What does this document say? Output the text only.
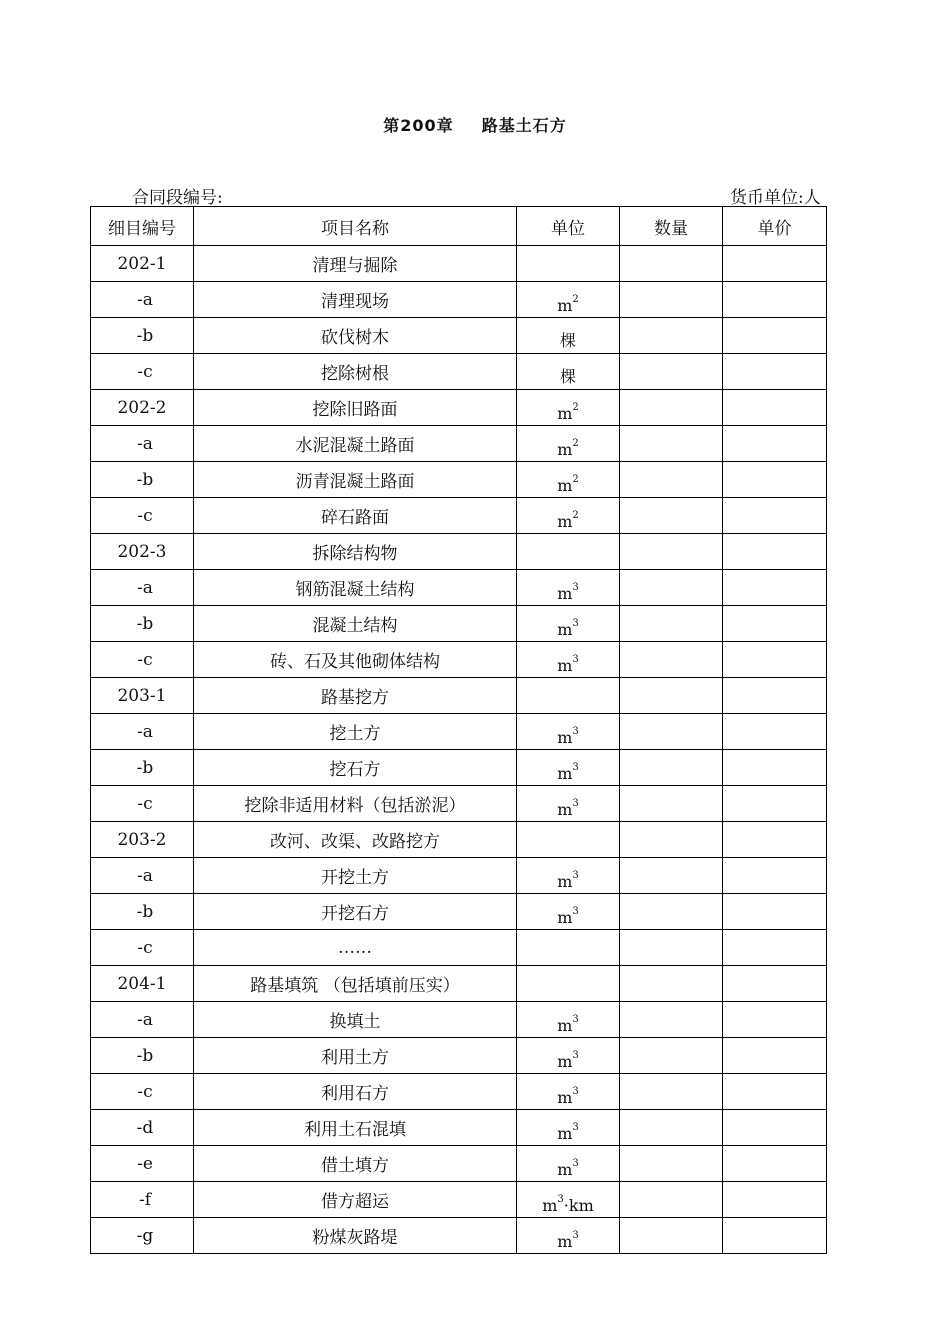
第200章 路基土石方
合同段编号:	货币单位:人
细目编号	项目名称	单位	数量	单价
202-1	清理与掘除			
-a	清理现场	$m^2$		
-b	砍伐树木	棵		
-c	挖除树根	棵		
202-2	挖除旧路面	$m^2$		
-a	水泥混凝土路面	$m^2$		
-b	沥青混凝土路面	$m^2$		
-c	碎石路面	$m^2$		
202-3	拆除结构物			
-a	钢筋混凝土结构	$m^3$		
-b	混凝土结构	$m^3$		
-c	砖、石及其他砌体结构	$m^3$		
203-1	路基挖方			
-a	挖土方	$m^3$		
-b	挖石方	$m^3$		
-c	挖除非适用材料（包括淤泥）	$m^3$		
203-2	改河、改渠、改路挖方			
-a	开挖土方	$m^3$		
-b	开挖石方	$m^3$		
-c	……			
204-1	路基填筑 （包括填前压实）			
-a	换填土	$m^3$		
-b	利用土方	$m^3$		
-c	利用石方	$m^3$		
-d	利用土石混填	$m^3$		
-e	借土填方	$m^3$		
-f	借方超运	$m^3\cdot km$		
-g	粉煤灰路堤	$m^3$		
